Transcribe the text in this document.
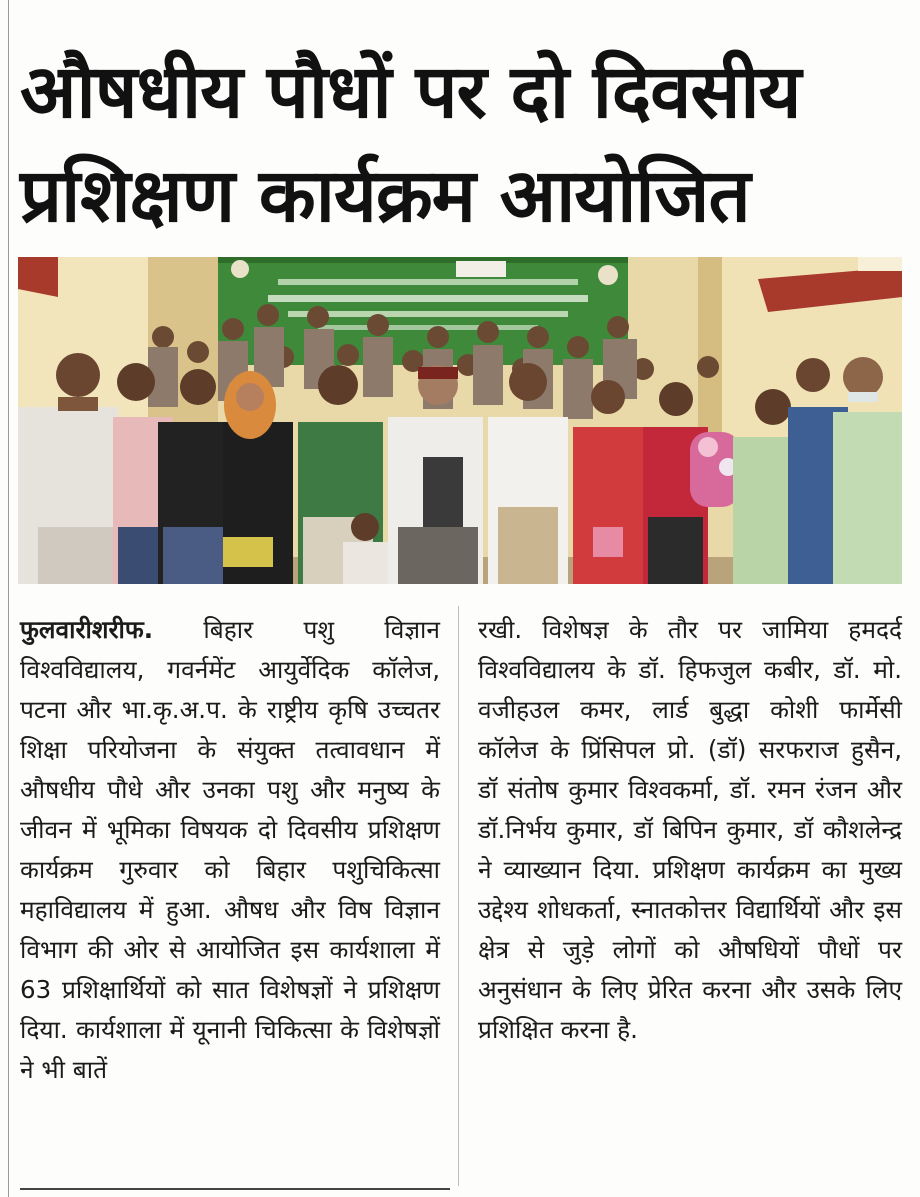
औषधीय पौधों पर दो दिवसीय
प्रशिक्षण कार्यक्रम आयोजित
फुलवारीशरीफ. बिहार पशु विज्ञान विश्वविद्यालय, गवर्नमेंट आयुर्वेदिक कॉलेज, पटना और भा.कृ.अ.प. के राष्ट्रीय कृषि उच्चतर शिक्षा परियोजना के संयुक्त तत्वावधान में औषधीय पौधे और उनका पशु और मनुष्य के जीवन में भूमिका विषयक दो दिवसीय प्रशिक्षण कार्यक्रम गुरुवार को बिहार पशुचिकित्सा महाविद्यालय में हुआ. औषध और विष विज्ञान विभाग की ओर से आयोजित इस कार्यशाला में 63 प्रशिक्षार्थियों को सात विशेषज्ञों ने प्रशिक्षण दिया. कार्यशाला में यूनानी चिकित्सा के विशेषज्ञों ने भी बातें
रखी. विशेषज्ञ के तौर पर जामिया हमदर्द विश्वविद्यालय के डॉ. हिफजुल कबीर, डॉ. मो. वजीहउल कमर, लार्ड बुद्धा कोशी फार्मेसी कॉलेज के प्रिंसिपल प्रो. (डॉ) सरफराज हुसैन, डॉ संतोष कुमार विश्वकर्मा, डॉ. रमन रंजन और डॉ.निर्भय कुमार, डॉ बिपिन कुमार, डॉ कौशलेन्द्र ने व्याख्यान दिया. प्रशिक्षण कार्यक्रम का मुख्य उद्देश्य शोधकर्ता, स्नातकोत्तर विद्यार्थियों और इस क्षेत्र से जुड़े लोगों को औषधियों पौधों पर अनुसंधान के लिए प्रेरित करना और उसके लिए प्रशिक्षित करना है.
